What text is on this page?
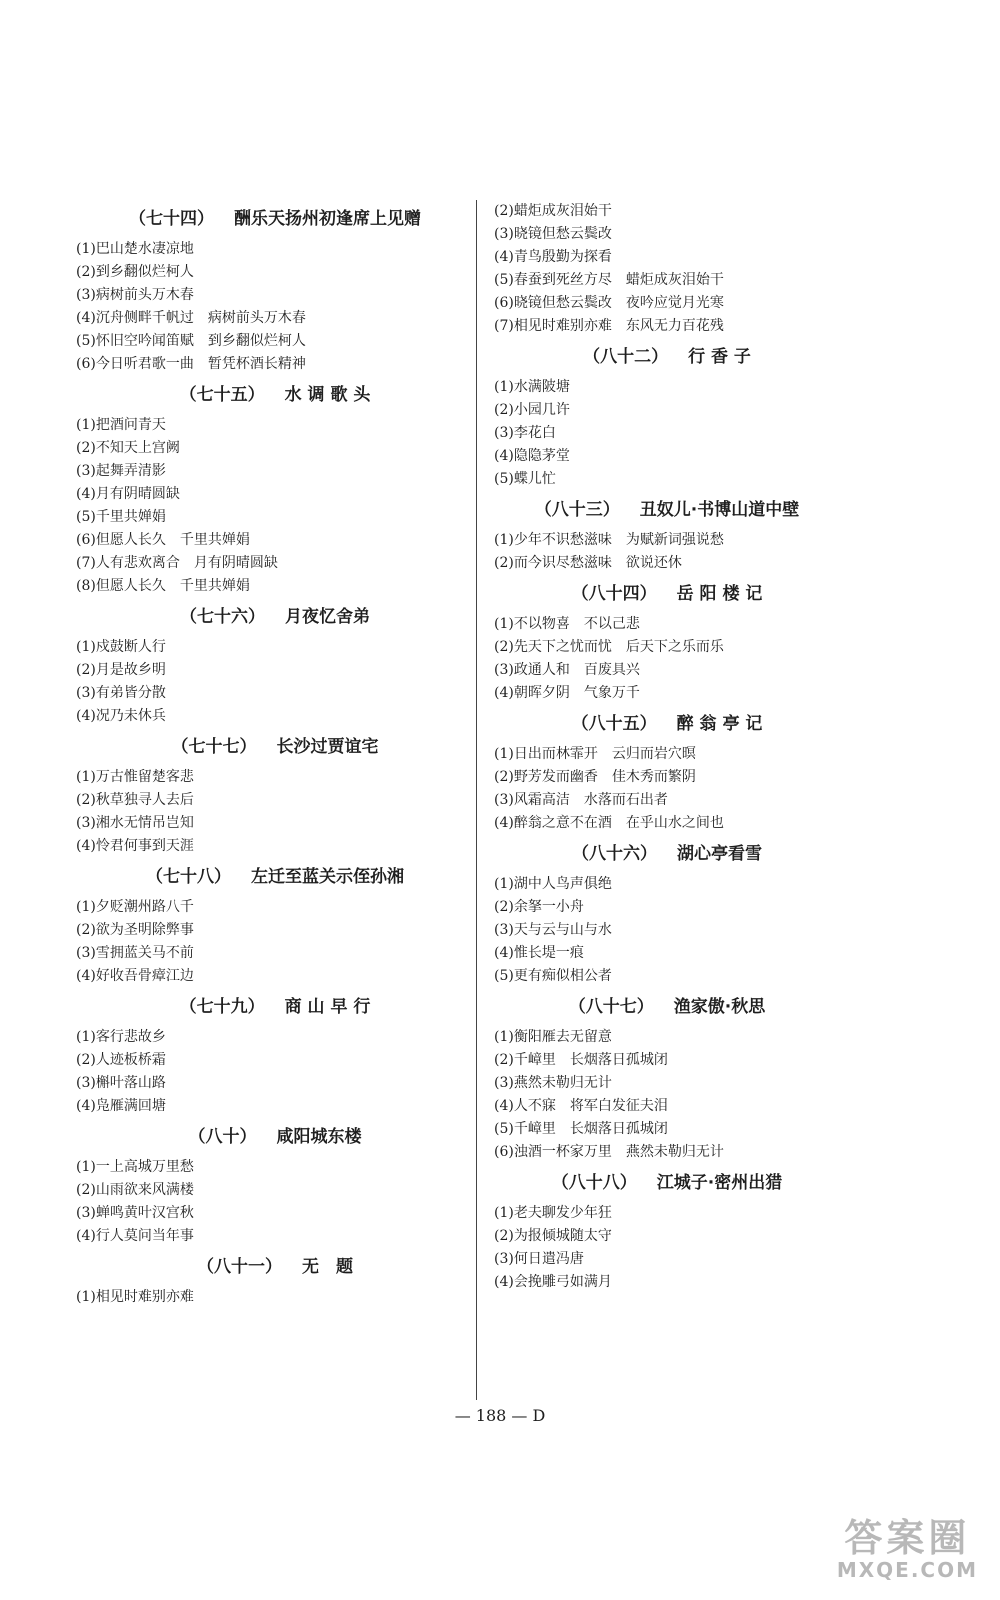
（七十四） 酬乐天扬州初逢席上见赠
(1)巴山楚水凄凉地
(2)到乡翻似烂柯人
(3)病树前头万木春
(4)沉舟侧畔千帆过　病树前头万木春
(5)怀旧空吟闻笛赋　到乡翻似烂柯人
(6)今日听君歌一曲　暂凭杯酒长精神
（七十五） 水 调 歌 头
(1)把酒问青天
(2)不知天上宫阙
(3)起舞弄清影
(4)月有阴晴圆缺
(5)千里共婵娟
(6)但愿人长久　千里共婵娟
(7)人有悲欢离合　月有阴晴圆缺
(8)但愿人长久　千里共婵娟
（七十六） 月夜忆舍弟
(1)戍鼓断人行
(2)月是故乡明
(3)有弟皆分散
(4)况乃未休兵
（七十七） 长沙过贾谊宅
(1)万古惟留楚客悲
(2)秋草独寻人去后
(3)湘水无情吊岂知
(4)怜君何事到天涯
（七十八） 左迁至蓝关示侄孙湘
(1)夕贬潮州路八千
(2)欲为圣明除弊事
(3)雪拥蓝关马不前
(4)好收吾骨瘴江边
（七十九） 商 山 早 行
(1)客行悲故乡
(2)人迹板桥霜
(3)槲叶落山路
(4)凫雁满回塘
（八十） 咸阳城东楼
(1)一上高城万里愁
(2)山雨欲来风满楼
(3)蝉鸣黄叶汉宫秋
(4)行人莫问当年事
（八十一） 无　题
(1)相见时难别亦难
(2)蜡炬成灰泪始干
(3)晓镜但愁云鬓改
(4)青鸟殷勤为探看
(5)春蚕到死丝方尽　蜡炬成灰泪始干
(6)晓镜但愁云鬓改　夜吟应觉月光寒
(7)相见时难别亦难　东风无力百花残
（八十二） 行 香 子
(1)水满陂塘
(2)小园几许
(3)李花白
(4)隐隐茅堂
(5)蝶儿忙
（八十三） 丑奴儿·书博山道中壁
(1)少年不识愁滋味　为赋新词强说愁
(2)而今识尽愁滋味　欲说还休
（八十四） 岳 阳 楼 记
(1)不以物喜　不以己悲
(2)先天下之忧而忧　后天下之乐而乐
(3)政通人和　百废具兴
(4)朝晖夕阴　气象万千
（八十五） 醉 翁 亭 记
(1)日出而林霏开　云归而岩穴暝
(2)野芳发而幽香　佳木秀而繁阴
(3)风霜高洁　水落而石出者
(4)醉翁之意不在酒　在乎山水之间也
（八十六） 湖心亭看雪
(1)湖中人鸟声俱绝
(2)余拏一小舟
(3)天与云与山与水
(4)惟长堤一痕
(5)更有痴似相公者
（八十七） 渔家傲·秋思
(1)衡阳雁去无留意
(2)千嶂里　长烟落日孤城闭
(3)燕然未勒归无计
(4)人不寐　将军白发征夫泪
(5)千嶂里　长烟落日孤城闭
(6)浊酒一杯家万里　燕然未勒归无计
（八十八） 江城子·密州出猎
(1)老夫聊发少年狂
(2)为报倾城随太守
(3)何日遣冯唐
(4)会挽雕弓如满月
— 188 — D
答案圈
MXQE.COM
